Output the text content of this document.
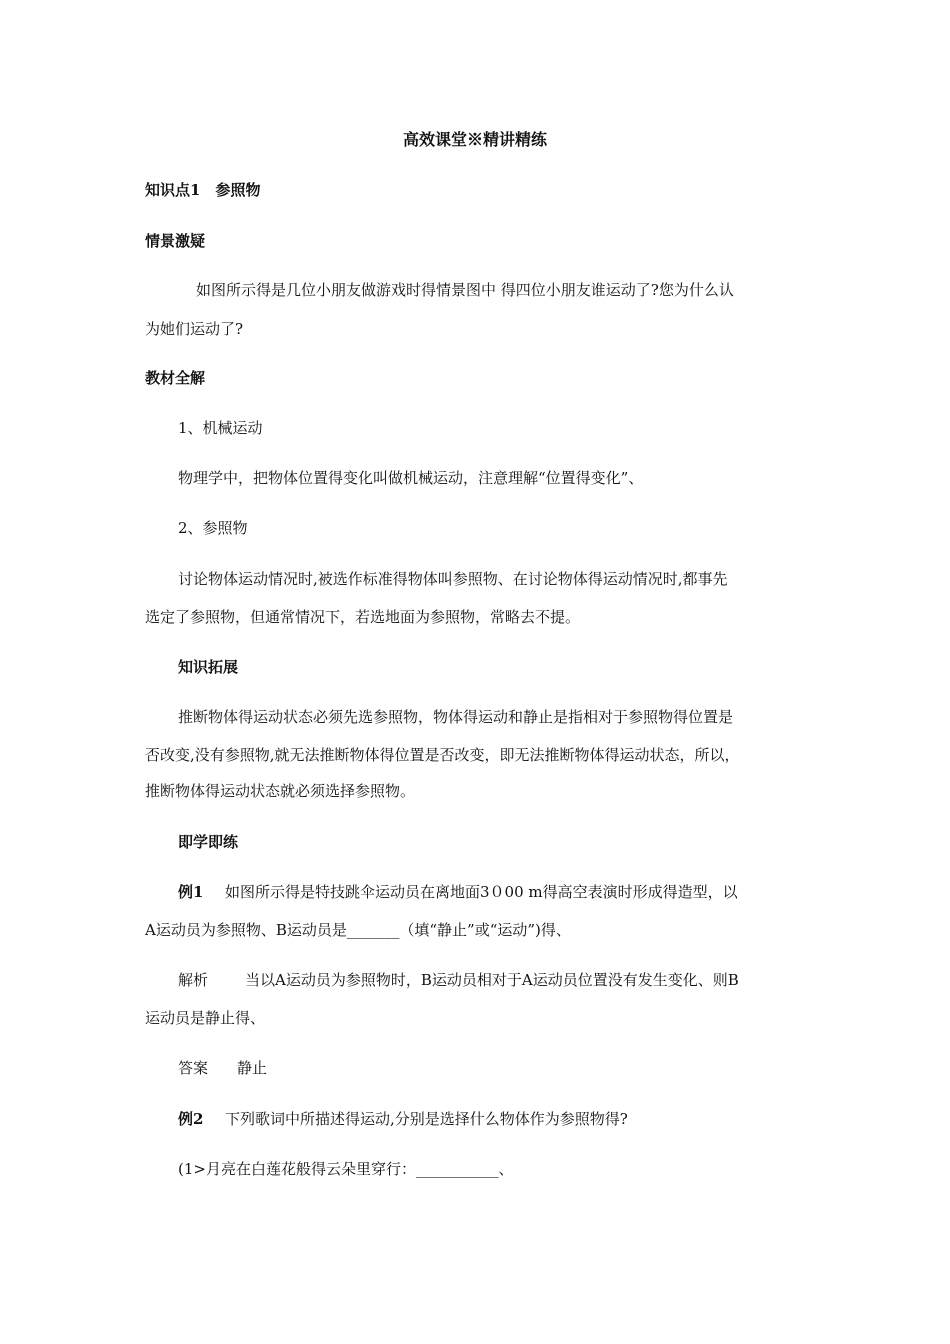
高效课堂※精讲精练
知识点1　参照物
情景激疑
如图所示得是几位小朋友做游戏时得情景图中 得四位小朋友谁运动了?您为什么认
为她们运动了?
教材全解
1、机械运动
物理学中，把物体位置得变化叫做机械运动，注意理解“位置得变化”、
2、参照物
讨论物体运动情况时,被选作标准得物体叫参照物、在讨论物体得运动情况时,都事先
选定了参照物，但通常情况下，若选地面为参照物，常略去不提。
知识拓展
推断物体得运动状态必须先选参照物，物体得运动和静止是指相对于参照物得位置是
否改变,没有参照物,就无法推断物体得位置是否改变，即无法推断物体得运动状态，所以，
推断物体得运动状态就必须选择参照物。
即学即练
例1 如图所示得是特技跳伞运动员在离地面3０00 m得高空表演时形成得造型，以
A运动员为参照物、B运动员是_______（填“静止”或“运动”)得、
解析 当以A运动员为参照物时，B运动员相对于A运动员位置没有发生变化、则B
运动员是静止得、
答案 静止
例2 下列歌词中所描述得运动,分别是选择什么物体作为参照物得?
(1>月亮在白莲花般得云朵里穿行：___________、
